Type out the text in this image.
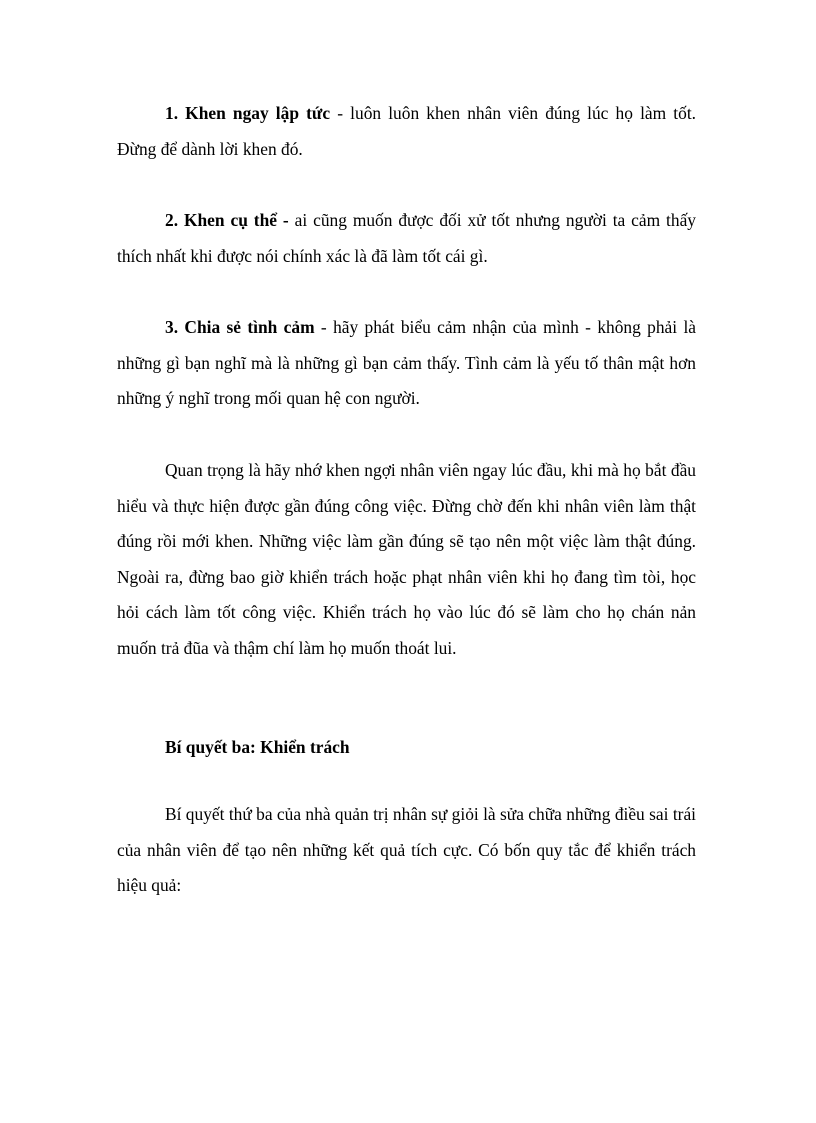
1. Khen ngay lập tức - luôn luôn khen nhân viên đúng lúc họ làm tốt. Đừng để dành lời khen đó.

2. Khen cụ thể - ai cũng muốn được đối xử tốt nhưng người ta cảm thấy thích nhất khi được nói chính xác là đã làm tốt cái gì.

3. Chia sẻ tình cảm - hãy phát biểu cảm nhận của mình - không phải là những gì bạn nghĩ mà là những gì bạn cảm thấy. Tình cảm là yếu tố thân mật hơn những ý nghĩ trong mối quan hệ con người.

Quan trọng là hãy nhớ khen ngợi nhân viên ngay lúc đầu, khi mà họ bắt đầu hiểu và thực hiện được gần đúng công việc. Đừng chờ đến khi nhân viên làm thật đúng rồi mới khen. Những việc làm gần đúng sẽ tạo nên một việc làm thật đúng. Ngoài ra, đừng bao giờ khiển trách hoặc phạt nhân viên khi họ đang tìm tòi, học hỏi cách làm tốt công việc. Khiển trách họ vào lúc đó sẽ làm cho họ chán nản muốn trả đũa và thậm chí làm họ muốn thoát lui.

Bí quyết ba: Khiển trách

Bí quyết thứ ba của nhà quản trị nhân sự giỏi là sửa chữa những điều sai trái của nhân viên để tạo nên những kết quả tích cực. Có bốn quy tắc để khiển trách hiệu quả:
